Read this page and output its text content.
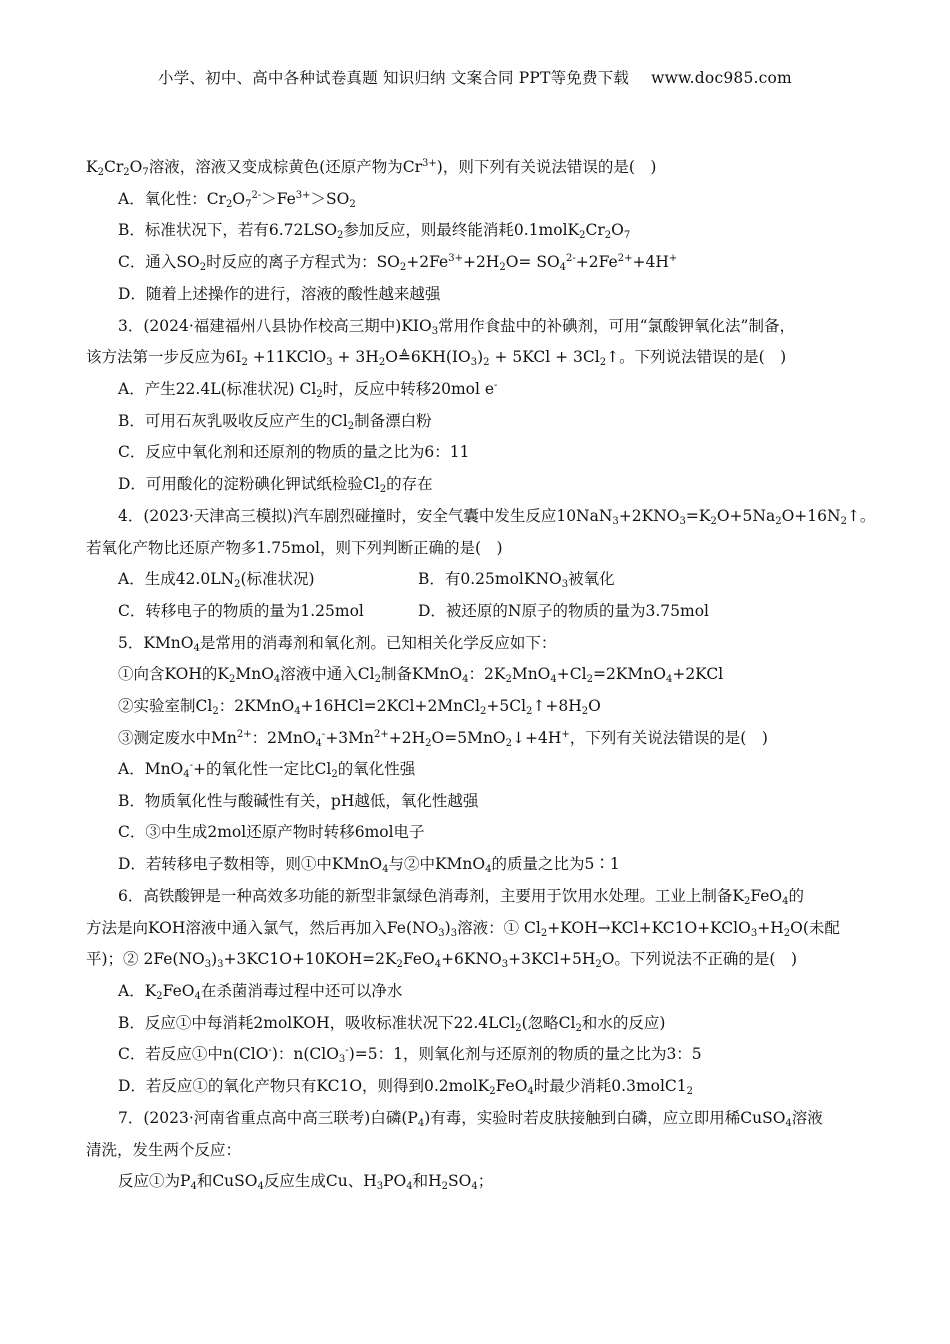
小学、初中、高中各种试卷真题 知识归纳 文案合同 PPT等免费下载 www.doc985.com
$K_2Cr_2O_7$溶液，溶液又变成棕黄色(还原产物为$Cr^{3+}$)，则下列有关说法错误的是(　)
A．氧化性：$Cr_2O_7^{2-}>Fe^{3+}>SO_2$
B．标准状况下，若有$6.72LSO_2$参加反应，则最终能消耗$0.1molK_2Cr_2O_7$
C．通入$SO_2$时反应的离子方程式为：$SO_2+2Fe^{3+}+2H_2O= SO_4^{2-}+2Fe^{2+}+4H^+$
D．随着上述操作的进行，溶液的酸性越来越强
3．(2024·福建福州八县协作校高三期中)$KIO_3$常用作食盐中的补碘剂，可用“氯酸钾氧化法”制备，
该方法第一步反应为$6I_2$ +11KClO$_3$ + $3H_2O≜6KH(IO_3)_2 + 5KCl$ + $3Cl_2↑$。下列说法错误的是(　)
A．产生22.4L(标准状况) $Cl_2$时，反应中转移20mol e-
B．可用石灰乳吸收反应产生的$Cl_2$制备漂白粉
C．反应中氧化剂和还原剂的物质的量之比为6：11
D．可用酸化的淀粉碘化钾试纸检验$Cl_2$的存在
4．(2023·天津高三模拟)汽车剧烈碰撞时，安全气囊中发生反应$10NaN_3+2KNO_3=K_2O+5Na_2O+16N_2↑$。
若氧化产物比还原产物多1.75mol，则下列判断正确的是(　)
A．生成$42.0LN_2$(标准状况)	B．有0.25molKNO$_3$被氧化
C．转移电子的物质的量为1.25mol	D．被还原的N原子的物质的量为3.75mol
5．KMnO$_4$是常用的消毒剂和氧化剂。已知相关化学反应如下：
①向含KOH的$K_2MnO_4$溶液中通入$Cl_2$制备KMnO$_4$：$2K_2MnO_4+Cl_2=2KMnO_4+2KCl$
②实验室制$Cl_2$：$2KMnO_4+16HCl=2KCl+2MnCl_2+5Cl_2↑+8H_2O$
③测定废水中$Mn^{2+}$：$2MnO_4^-+3Mn^{2+}+2H_2O=5MnO_2↓+4H^+$，下列有关说法错误的是(　)
A．MnO$_4$-+的氧化性一定比$Cl_2$的氧化性强
B．物质氧化性与酸碱性有关，pH越低，氧化性越强
C．③中生成2mol还原产物时转移6mol电子
D．若转移电子数相等，则①中KMnO$_4$与②中KMnO$_4$的质量之比为5∶1
6．高铁酸钾是一种高效多功能的新型非氯绿色消毒剂，主要用于饮用水处理。工业上制备$K_2FeO_4$的
方法是向KOH溶液中通入氯气，然后再加入$Fe(NO_3)_3$溶液：① $Cl_2+KOH\to KCl+KC1O+KClO_3+H_2O$(未配
平)；② $2Fe(NO_3)_3+3KC1O+10KOH=2K_2FeO_4+6KNO_3+3KCl+5H_2O$。下列说法不正确的是(　)
A．$K_2FeO_4$在杀菌消毒过程中还可以净水
B．反应①中每消耗2molKOH，吸收标准状况下22.4LCl$_2$(忽略$Cl_2$和水的反应)
C．若反应①中n(ClO-)：n(ClO$_3$-)=5：1，则氧化剂与还原剂的物质的量之比为3：5
D．若反应①的氧化产物只有KC1O，则得到0.2molK$_2$FeO$_4$时最少消耗$0.3molC1_2$
7．(2023·河南省重点高中高三联考)白磷$(P_4)$有毒，实验时若皮肤接触到白磷，应立即用稀CuSO$_4$溶液
清洗，发生两个反应：
反应①为$P_4$和CuSO$_4$反应生成Cu、$H_3PO_4$和$H_2SO_4$；
